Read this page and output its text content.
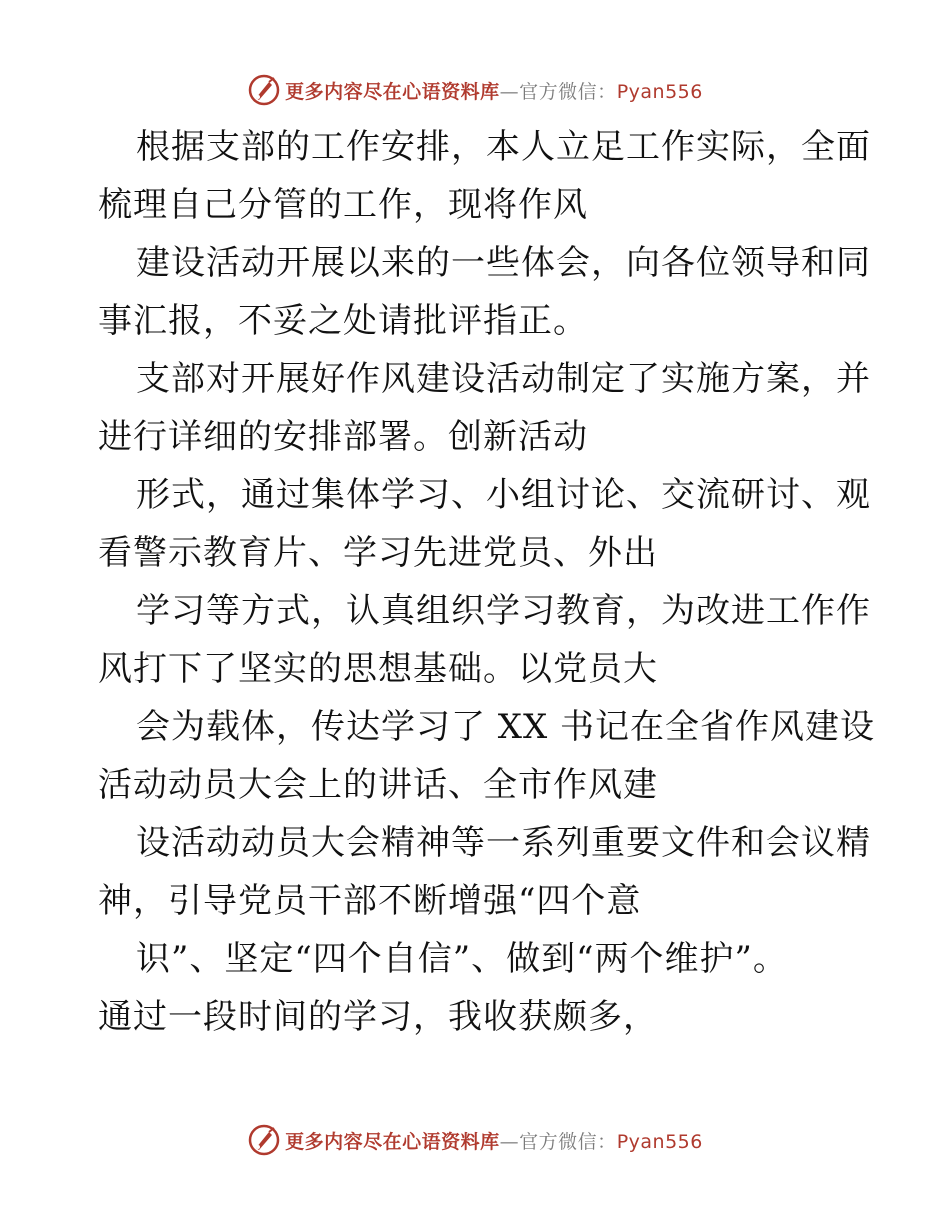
更多内容尽在心语资料库—官方微信：Pyan556
根据支部的工作安排，本人立足工作实际，全面
梳理自己分管的工作，现将作风
建设活动开展以来的一些体会，向各位领导和同
事汇报，不妥之处请批评指正。
支部对开展好作风建设活动制定了实施方案，并
进行详细的安排部署。创新活动
形式，通过集体学习、小组讨论、交流研讨、观
看警示教育片、学习先进党员、外出
学习等方式，认真组织学习教育，为改进工作作
风打下了坚实的思想基础。以党员大
会为载体，传达学习了 XX 书记在全省作风建设
活动动员大会上的讲话、全市作风建
设活动动员大会精神等一系列重要文件和会议精
神，引导党员干部不断增强“四个意
识”、坚定“四个自信”、做到“两个维护”。
通过一段时间的学习，我收获颇多，
更多内容尽在心语资料库—官方微信：Pyan556
